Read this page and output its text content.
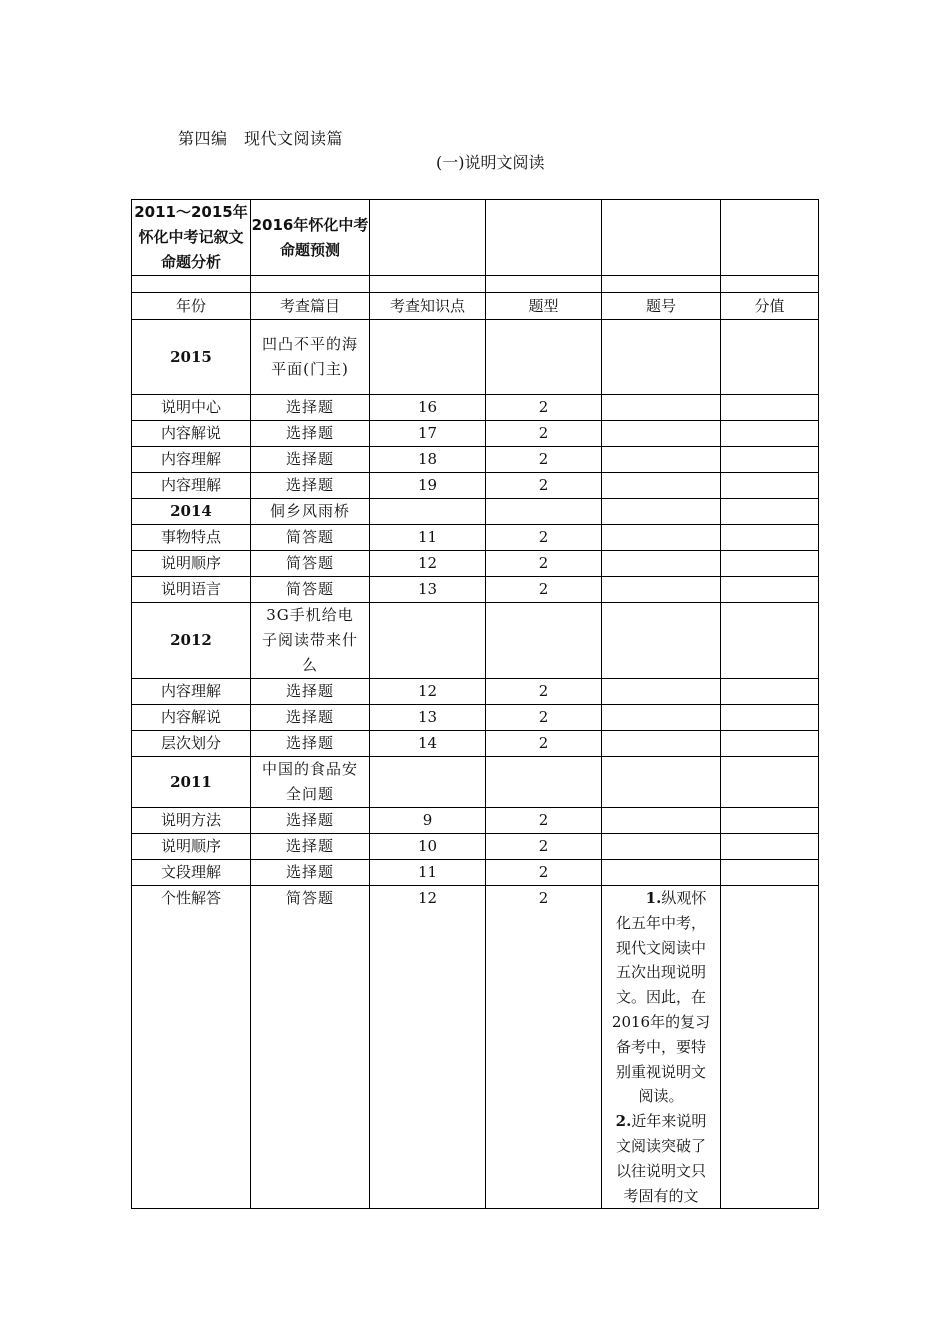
第四编　现代文阅读篇
(一)说明文阅读
2011～2015年怀化中考记叙文命题分析	2016年怀化中考命题预测				

年份	考查篇目	考查知识点	题型	题号	分值
2015	凹凸不平的海平面(门主)				

说明中心	选择题	16	2		
内容解说	选择题	17	2		
内容理解	选择题	18	2		
内容理解	选择题	19	2		
2014	侗乡风雨桥				

事物特点	简答题	11	2		
说明顺序	简答题	12	2		
说明语言	简答题	13	2		
2012	3G手机给电子阅读带来什么				

内容理解	选择题	12	2		
内容解说	选择题	13	2		
层次划分	选择题	14	2		
2011	中国的食品安全问题				

说明方法	选择题	9	2		
说明顺序	选择题	10	2		
文段理解	选择题	11	2		
个性解答	简答题	12	2	1.纵观怀化五年中考，现代文阅读中五次出现说明文。因此，在2016年的复习备考中，要特别重视说明文阅读。
2.近年来说明文阅读突破了以往说明文只考固有的文	
